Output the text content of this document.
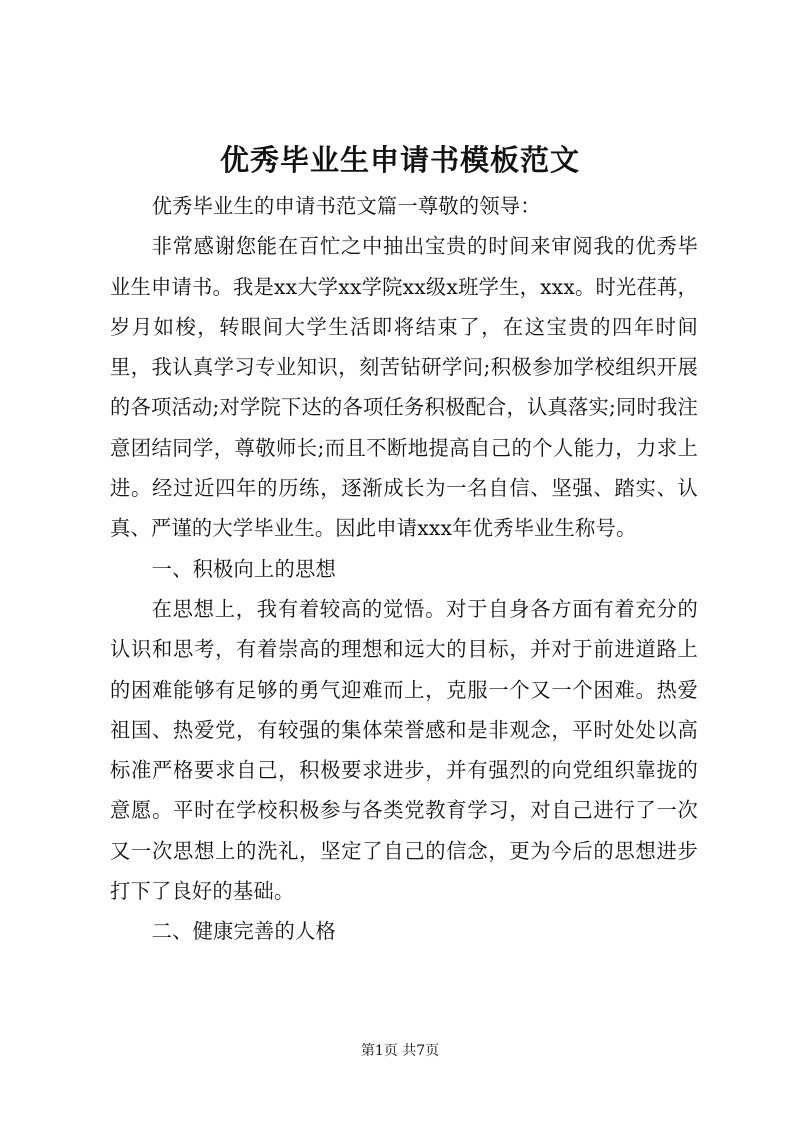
优秀毕业生申请书模板范文

优秀毕业生的申请书范文篇一尊敬的领导：

非常感谢您能在百忙之中抽出宝贵的时间来审阅我的优秀毕业生申请书。我是xx大学xx学院xx级x班学生，xxx。时光荏苒，岁月如梭，转眼间大学生活即将结束了，在这宝贵的四年时间里，我认真学习专业知识，刻苦钻研学问;积极参加学校组织开展的各项活动;对学院下达的各项任务积极配合，认真落实;同时我注意团结同学，尊敬师长;而且不断地提高自己的个人能力，力求上进。经过近四年的历练，逐渐成长为一名自信、坚强、踏实、认真、严谨的大学毕业生。因此申请xxx年优秀毕业生称号。

一、积极向上的思想

在思想上，我有着较高的觉悟。对于自身各方面有着充分的认识和思考，有着崇高的理想和远大的目标，并对于前进道路上的困难能够有足够的勇气迎难而上，克服一个又一个困难。热爱祖国、热爱党，有较强的集体荣誉感和是非观念，平时处处以高标准严格要求自己，积极要求进步，并有强烈的向党组织靠拢的意愿。平时在学校积极参与各类党教育学习，对自己进行了一次又一次思想上的洗礼，坚定了自己的信念，更为今后的思想进步打下了良好的基础。

二、健康完善的人格

第1页 共7页
